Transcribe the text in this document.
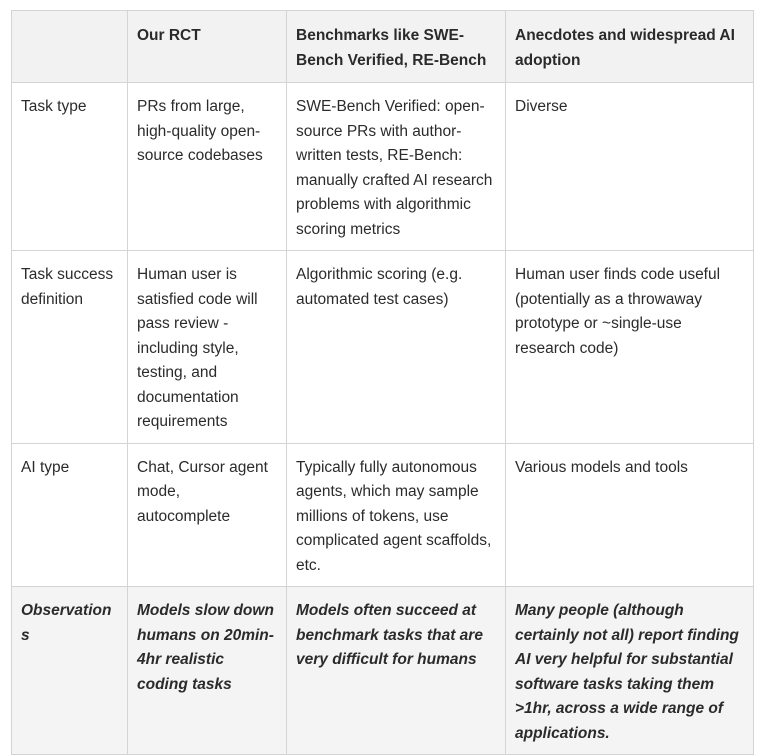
	Our RCT	Benchmarks like SWE-Bench Verified, RE-Bench	Anecdotes and widespread AI adoption
Task type	PRs from large, high-quality open-source codebases	SWE-Bench Verified: open-source PRs with author-written tests, RE-Bench: manually crafted AI research problems with algorithmic scoring metrics	Diverse
Task success definition	Human user is satisfied code will pass review - including style, testing, and documentation requirements	Algorithmic scoring (e.g. automated test cases)	Human user finds code useful (potentially as a throwaway prototype or ~single-use research code)
AI type	Chat, Cursor agent mode, autocomplete	Typically fully autonomous agents, which may sample millions of tokens, use complicated agent scaffolds, etc.	Various models and tools
Observations	Models slow down humans on 20min-4hr realistic coding tasks	Models often succeed at benchmark tasks that are very difficult for humans	Many people (although certainly not all) report finding AI very helpful for substantial software tasks taking them >1hr, across a wide range of applications.
